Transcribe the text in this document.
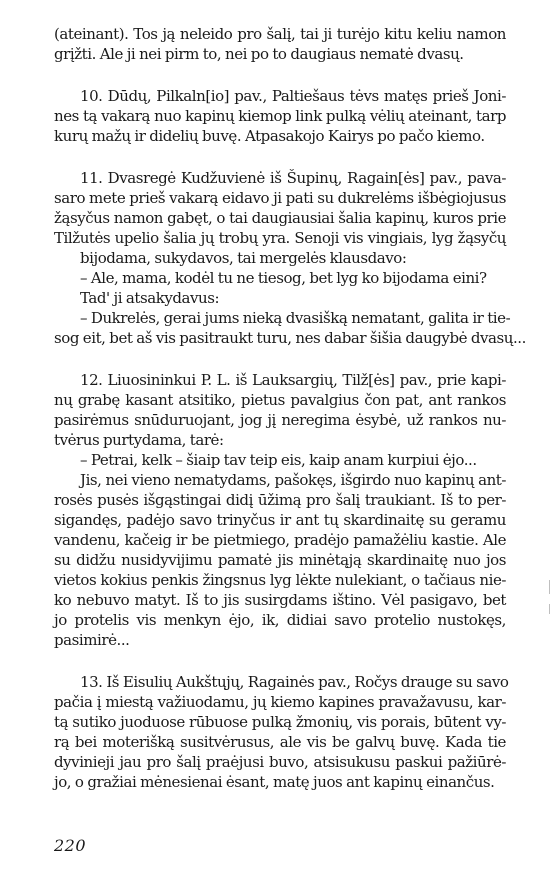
(ateinant). Tos ją neleido pro šalį, tai ji turėjo kitu keliu namon
grįžti. Ale ji nei pirm to, nei po to daugiaus nematė dvasų.
10. Dūdų, Pilkaln[io] pav., Paltiešaus tėvs matęs prieš Joni-
nes tą vakarą nuo kapinų kiemop link pulką vėlių ateinant, tarp
kurų mažų ir didelių buvę. Atpasakojo Kairys po pačo kiemo.
11. Dvasregė Kudžuvienė iš Šupinų, Ragain[ės] pav., pava-
saro mete prieš vakarą eidavo ji pati su dukrelėms išbėgiojusus
žąsyčus namon gabęt, o tai daugiausiai šalia kapinų, kuros prie
Tilžutės upelio šalia jų trobų yra. Senoji vis vingiais, lyg žąsyčų
bijodama, sukydavos, tai mergelės klausdavo:
– Ale, mama, kodėl tu ne tiesog, bet lyg ko bijodama eini?
Tad' ji atsakydavus:
– Dukrelės, gerai jums nieką dvasišką nematant, galita ir tie-
sog eit, bet aš vis pasitraukt turu, nes dabar šišia daugybė dvasų...
12. Liuosininkui P. L. iš Lauksargių, Tilž[ės] pav., prie kapi-
nų grabę kasant atsitiko, pietus pavalgius čon pat, ant rankos
pasirėmus snūduruojant, jog jį neregima ėsybė, už rankos nu-
tvėrus purtydama, tarė:
– Petrai, kelk – šiaip tav teip eis, kaip anam kurpiui ėjo...
Jis, nei vieno nematydams, pašokęs, išgirdo nuo kapinų ant-
rosės pusės išgąstingai didį ūžimą pro šalį traukiant. Iš to per-
sigandęs, padėjo savo trinyčus ir ant tų skardinaitę su geramu
vandenu, kačeig ir be pietmiego, pradėjo pamažėliu kastie. Ale
su didžu nusidyvijimu pamatė jis minėtąją skardinaitę nuo jos
vietos kokius penkis žingsnus lyg lėkte nulekiant, o tačiaus nie-
ko nebuvo matyt. Iš to jis susirgdams ištino. Vėl pasigavo, bet
jo protelis vis menkyn ėjo, ik, didiai savo protelio nustokęs,
pasimirė...
13. Iš Eisulių Aukštųjų, Ragainės pav., Ročys drauge su savo
pačia į miestą važiuodamu, jų kiemo kapines pravažavusu, kar-
tą sutiko juoduose rūbuose pulką žmonių, vis porais, būtent vy-
rą bei moterišką susitvėrusus, ale vis be galvų buvę. Kada tie
dyvinieji jau pro šalį praėjusi buvo, atsisukusu paskui pažiūrė-
jo, o gražiai mėnesienai ėsant, matę juos ant kapinų einančus.
220
